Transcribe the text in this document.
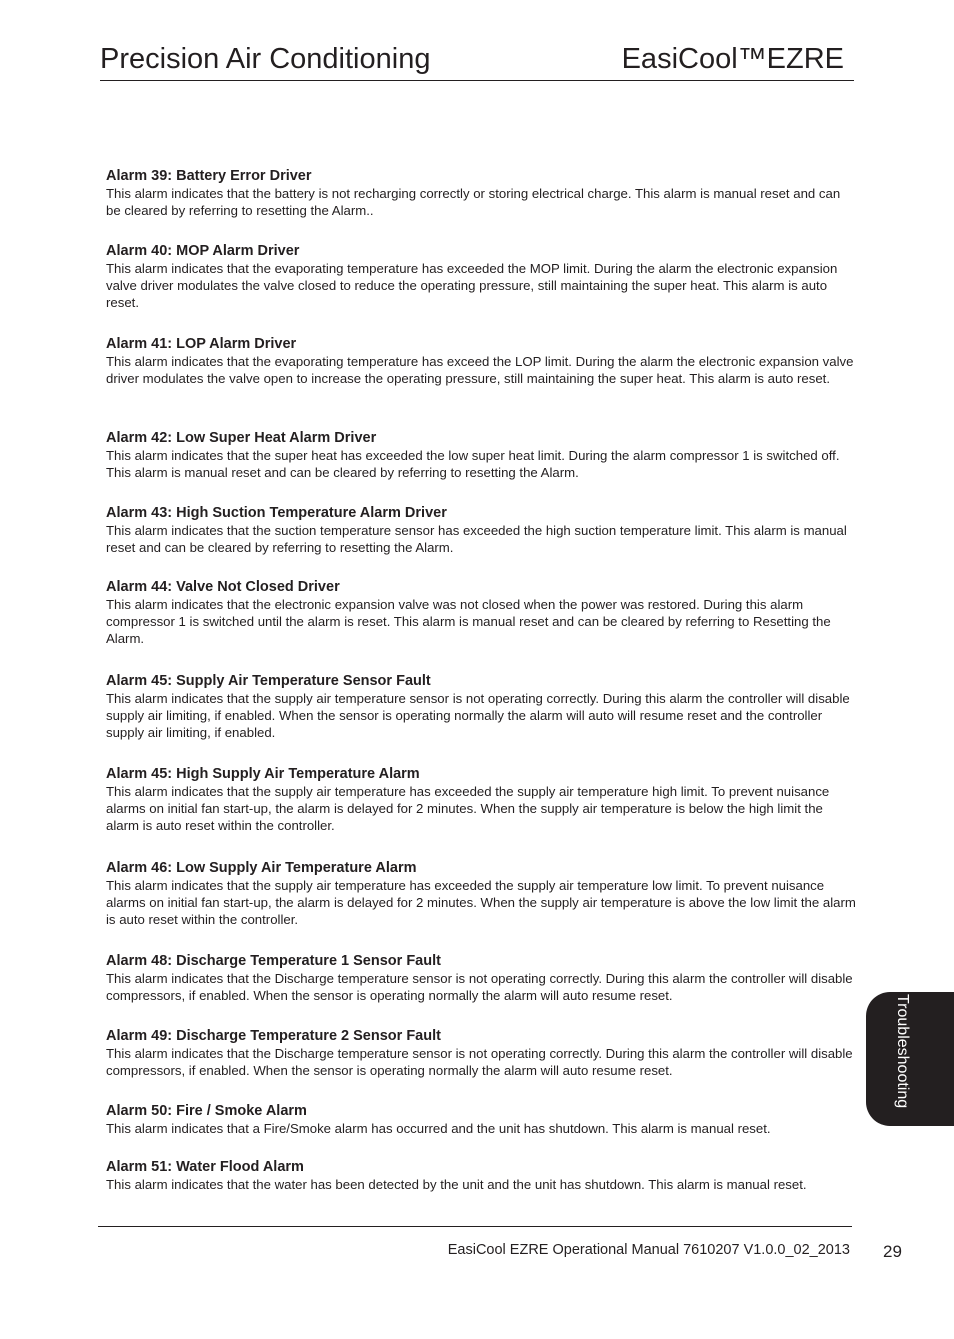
Precision Air Conditioning	EasiCool™EZRE
Alarm 39: Battery Error Driver
This alarm indicates that the battery is not recharging correctly or storing electrical charge. This alarm is manual reset and can be cleared by referring to resetting the Alarm..
Alarm 40: MOP Alarm Driver
This alarm indicates that the evaporating temperature has exceeded the MOP limit. During the alarm the electronic expansion valve driver modulates the valve closed to reduce the operating pressure, still maintaining the super heat. This alarm is auto reset.
Alarm 41: LOP Alarm Driver
This alarm indicates that the evaporating temperature has exceed the LOP limit. During the alarm the electronic expansion valve driver modulates the valve open to increase the operating pressure, still maintaining the super heat. This alarm is auto reset.
Alarm 42: Low Super Heat Alarm Driver
This alarm indicates that the super heat has exceeded the low super heat limit. During the alarm compressor 1 is switched off. This alarm is manual reset and can be cleared by referring to resetting the Alarm.
Alarm 43: High Suction Temperature Alarm Driver
This alarm indicates that the suction temperature sensor has exceeded the high suction temperature limit. This alarm is manual reset and can be cleared by referring to resetting the Alarm.
Alarm 44: Valve Not Closed Driver
This alarm indicates that the electronic expansion valve was not closed when the power was restored. During this alarm compressor 1 is switched until the alarm is reset. This alarm is manual reset and can be cleared by referring to Resetting the Alarm.
Alarm 45: Supply Air Temperature Sensor Fault
This alarm indicates that the supply air temperature sensor is not operating correctly. During this alarm the controller will disable supply air limiting, if enabled. When the sensor is operating normally the alarm will auto will resume reset and the controller supply air limiting, if enabled.
Alarm 45: High Supply Air Temperature Alarm
This alarm indicates that the supply air temperature has exceeded the supply air temperature high limit. To prevent nuisance alarms on initial fan start-up, the alarm is delayed for 2 minutes. When the supply air temperature is below the high limit the alarm is auto reset within the controller.
Alarm 46: Low Supply Air Temperature Alarm
This alarm indicates that the supply air temperature has exceeded the supply air temperature low limit. To prevent nuisance alarms on initial fan start-up, the alarm is delayed for 2 minutes. When the supply air temperature is above the low limit the alarm is auto reset within the controller.
Alarm 48: Discharge Temperature 1 Sensor Fault
This alarm indicates that the Discharge temperature sensor is not operating correctly. During this alarm the controller will disable compressors, if enabled. When the sensor is operating normally the alarm will auto resume reset.
Alarm 49: Discharge Temperature 2 Sensor Fault
This alarm indicates that the Discharge temperature sensor is not operating correctly. During this alarm the controller will disable compressors, if enabled. When the sensor is operating normally the alarm will auto resume reset.
Alarm 50: Fire / Smoke Alarm
This alarm indicates that a Fire/Smoke alarm has occurred and the unit has shutdown. This alarm is manual reset.
Alarm 51: Water Flood Alarm
This alarm indicates that the water has been detected by the unit and the unit has shutdown. This alarm is manual reset.
Troubleshooting
EasiCool EZRE Operational Manual 7610207 V1.0.0_02_2013 29
